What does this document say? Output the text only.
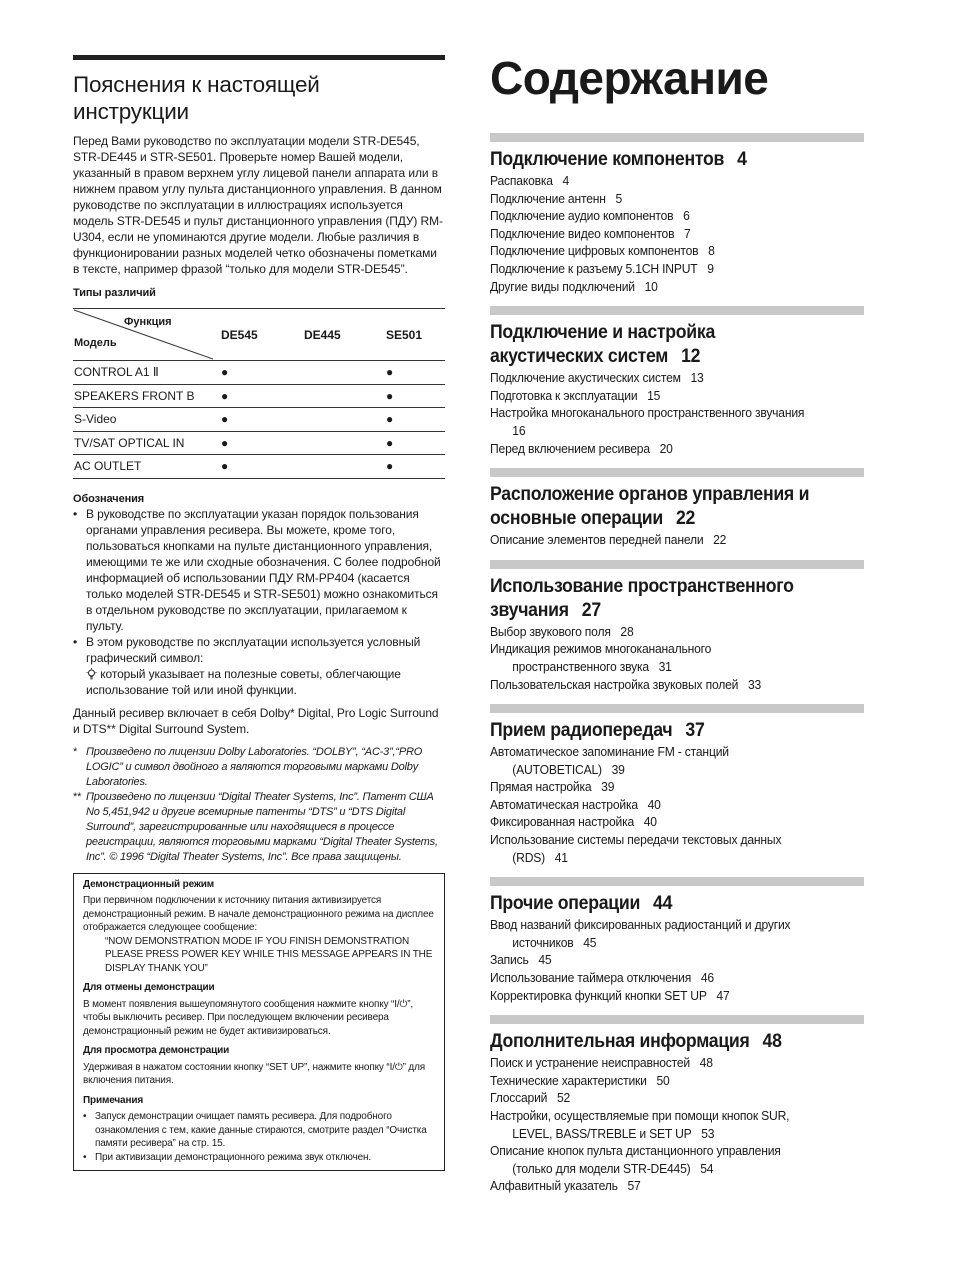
Пояснения к настоящей
инструкции

Перед Вами руководство по эксплуатации модели STR-DE545, STR-DE445 и STR-SE501. Проверьте номер Вашей модели, указанный в правом верхнем углу лицевой панели аппарата или в нижнем правом углу пульта дистанционного управления. В данном руководстве по эксплуатации в иллюстрациях используется модель STR-DE545 и пульт дистанционного управления (ПДУ) RM-U304, если не упоминаются другие модели. Любые различия в функционировании разных моделей четко обозначены пометками в тексте, например фразой “только для модели STR-DE545”.

Типы различий
Функция
Модель	DE545	DE445	SE501
CONTROL A1 Ⅱ	●		●
SPEAKERS FRONT B	●		●
S-Video	●		●
TV/SAT OPTICAL IN	●		●
AC OUTLET	●		●
Обозначения
• В руководстве по эксплуатации указан порядок пользования органами управления ресивера. Вы можете, кроме того, пользоваться кнопками на пульте дистанционного управления, имеющими те же или сходные обозначения. С более подробной информацией об использовании ПДУ RM-PP404 (касается только моделей STR-DE545 и STR-SE501) можно ознакомиться в отдельном руководстве по эксплуатации, прилагаемом к пульту.
• В этом руководстве по эксплуатации используется условный графический символ:
который указывает на полезные советы, облегчающие использование той или иной функции.

Данный ресивер включает в себя Dolby* Digital, Pro Logic Surround и DTS** Digital Surround System.

* Произведено по лицензии Dolby Laboratories. “DOLBY”, “AC-3”,“PRO LOGIC” и символ двойного а являются торговыми марками Dolby Laboratories.

** Произведено по лицензии “Digital Theater Systems, Inc”. Патент США No 5,451,942 и другие всемирные патенты “DTS” и “DTS Digital Surround”, зарегистрированные или находящиеся в процессе регистрации, являются торговыми марками “Digital Theater Systems, Inc”. © 1996 “Digital Theater Systems, Inc”. Все права защищены.

Демонстрационный режим

При первичном подключении к источнику питания активизируется демонстрационный режим. В начале демонстрационного режима на дисплее отображается следующее сообщение:

“NOW DEMONSTRATION MODE IF YOU FINISH DEMONSTRATION PLEASE PRESS POWER KEY WHILE THIS MESSAGE APPEARS IN THE DISPLAY THANK YOU”

Для отмены демонстрации

В момент появления вышеупомянутого сообщения нажмите кнопку “I/⏻”, чтобы выключить ресивер. При последующем включении ресивера демонстрационный режим не будет активизироваться.

Для просмотра демонстрации

Удерживая в нажатом состоянии кнопку “SET UP”, нажмите кнопку “I/⏻” для включения питания.

Примечания
• Запуск демонстрации очищает память ресивера. Для подробного ознакомления с тем, какие данные стираются, смотрите раздел “Очистка памяти ресивера” на стр. 15.
• При активизации демонстрационного режима звук отключен.
Содержание
Подключение компонентов 4
Распаковка 4
Подключение антенн 5
Подключение аудио компонентов 6
Подключение видео компонентов 7
Подключение цифровых компонентов 8
Подключение к разъему 5.1CH INPUT 9
Другие виды подключений 10
Подключение и настройка
акустических систем 12
Подключение акустических систем 13
Подготовка к эксплуатации 15
Настройка многоканального пространственного звучания
16
Перед включением ресивера 20
Расположение органов управления и
основные операции 22
Описание элементов передней панели 22
Использование пространственного
звучания 27
Выбор звукового поля 28
Индикация режимов многокананального
пространственного звука 31
Пользовательская настройка звуковых полей 33
Прием радиопередач 37
Автоматическое запоминание FM - станций
(AUTOBETICAL) 39
Прямая настройка 39
Автоматическая настройка 40
Фиксированная настройка 40
Использование системы передачи текстовых данных
(RDS) 41
Прочие операции 44
Ввод названий фиксированных радиостанций и других
источников 45
Запись 45
Использование таймера отключения 46
Корректировка функций кнопки SET UP 47
Дополнительная информация 48
Поиск и устранение неисправностей 48
Технические характеристики 50
Глоссарий 52
Настройки, осуществляемые при помощи кнопок SUR,
LEVEL, BASS/TREBLE и SET UP 53
Описание кнопок пульта дистанционного управления
(только для модели STR-DE445) 54
Алфавитный указатель 57
